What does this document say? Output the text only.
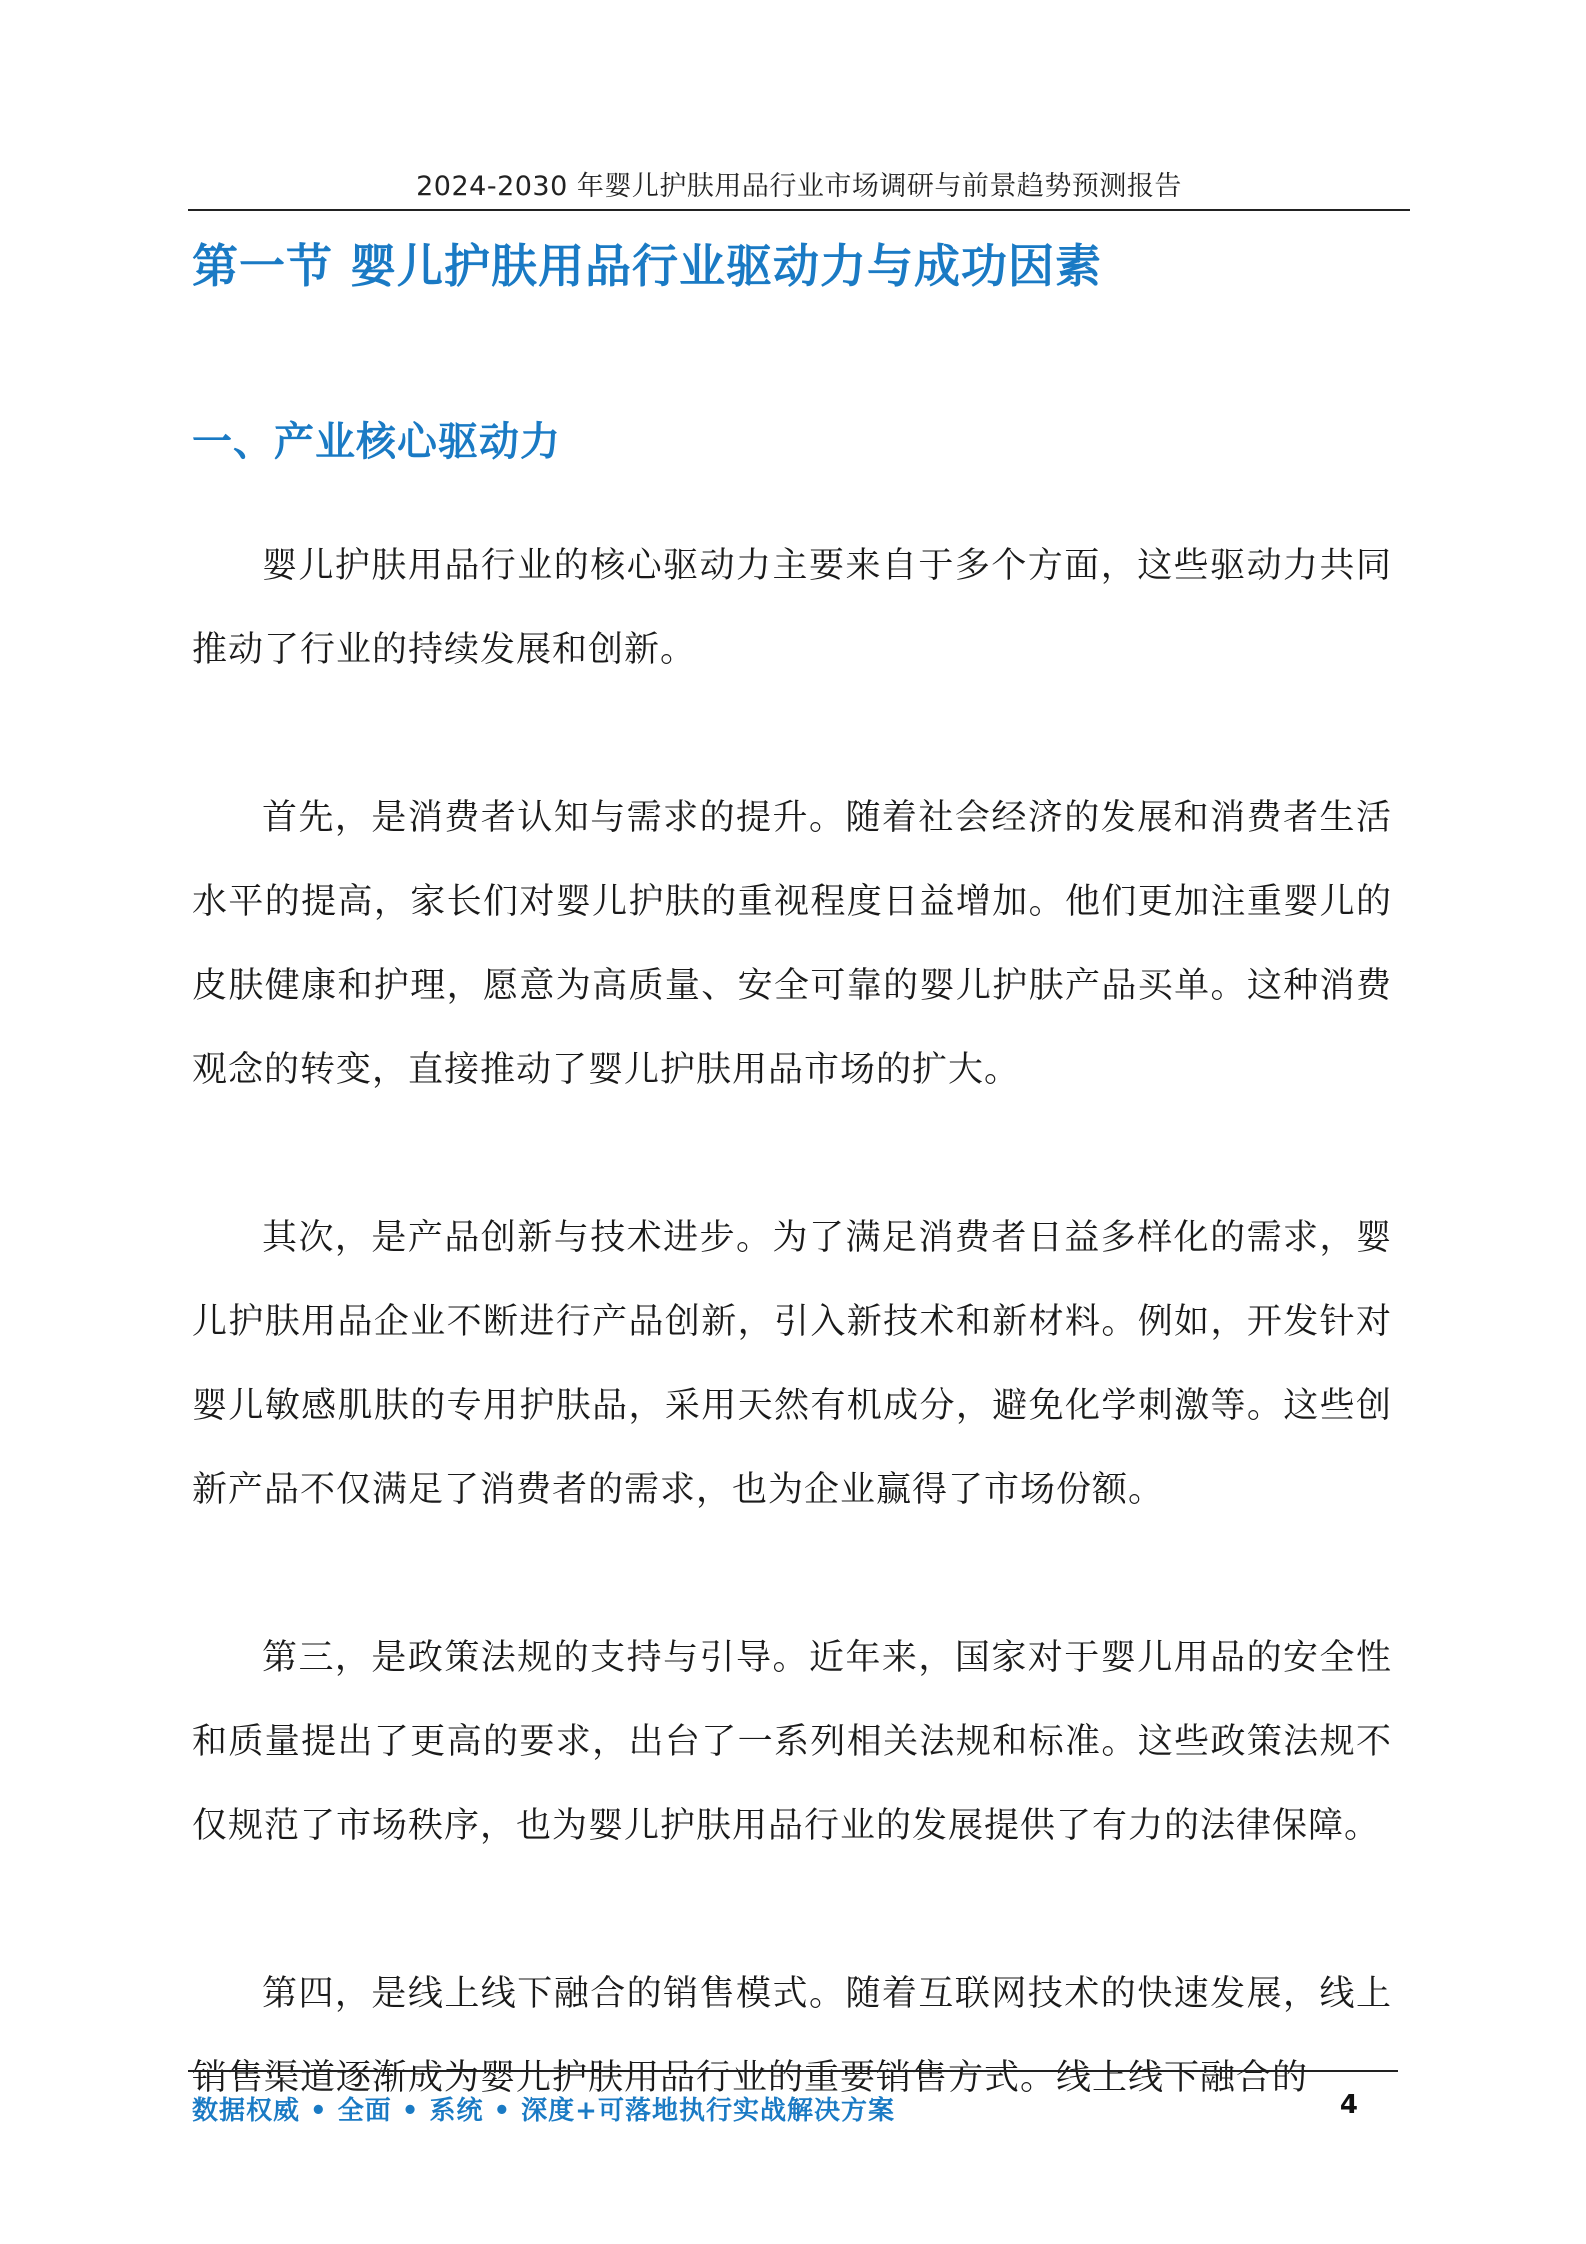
2024-2030 年婴儿护肤用品行业市场调研与前景趋势预测报告
第一节 婴儿护肤用品行业驱动力与成功因素
一、产业核心驱动力

婴儿护肤用品行业的核心驱动力主要来自于多个方面，这些驱动力共同推动了行业的持续发展和创新。

首先，是消费者认知与需求的提升。随着社会经济的发展和消费者生活水平的提高，家长们对婴儿护肤的重视程度日益增加。他们更加注重婴儿的皮肤健康和护理，愿意为高质量、安全可靠的婴儿护肤产品买单。这种消费观念的转变，直接推动了婴儿护肤用品市场的扩大。

其次，是产品创新与技术进步。为了满足消费者日益多样化的需求，婴儿护肤用品企业不断进行产品创新，引入新技术和新材料。例如，开发针对婴儿敏感肌肤的专用护肤品，采用天然有机成分，避免化学刺激等。这些创新产品不仅满足了消费者的需求，也为企业赢得了市场份额。

第三，是政策法规的支持与引导。近年来，国家对于婴儿用品的安全性和质量提出了更高的要求，出台了一系列相关法规和标准。这些政策法规不仅规范了市场秩序，也为婴儿护肤用品行业的发展提供了有力的法律保障。

第四，是线上线下融合的销售模式。随着互联网技术的快速发展，线上销售渠道逐渐成为婴儿护肤用品行业的重要销售方式。线上线下融合的

数据权威 • 全面 • 系统 • 深度+可落地执行实战解决方案	4
